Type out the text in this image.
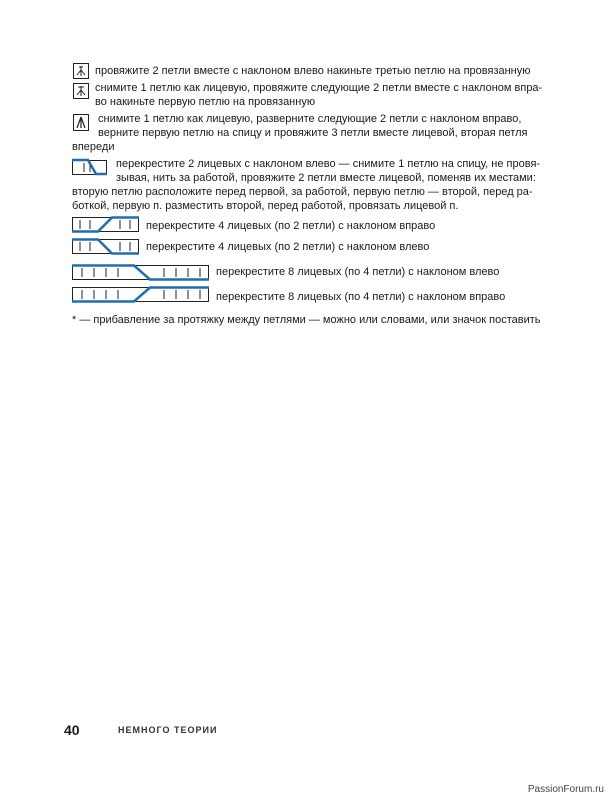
провяжите 2 петли вместе с наклоном влево накиньте третью петлю на провязанную
снимите 1 петлю как лицевую, провяжите следующие 2 петли вместе с наклоном впра-
во накиньте первую петлю на провязанную
снимите 1 петлю как лицевую, разверните следующие 2 петли с наклоном вправо,
верните первую петлю на спицу и провяжите 3 петли вместе лицевой, вторая петля
впереди
перекрестите 2 лицевых с наклоном влево — снимите 1 петлю на спицу, не провя-
зывая, нить за работой, провяжите 2 петли вместе лицевой, поменяв их местами:
вторую петлю расположите перед первой, за работой, первую петлю — второй, перед ра-
боткой, первую п. разместить второй, перед работой, провязать лицевой п.
перекрестите 4 лицевых (по 2 петли) с наклоном вправо
перекрестите 4 лицевых (по 2 петли) с наклоном влево
перекрестите 8 лицевых (по 4 петли) с наклоном влево
перекрестите 8 лицевых (по 4 петли) с наклоном вправо
* — прибавление за протяжку между петлями — можно или словами, или значок поставить
40	НЕМНОГО ТЕОРИИ
PassionForum.ru
